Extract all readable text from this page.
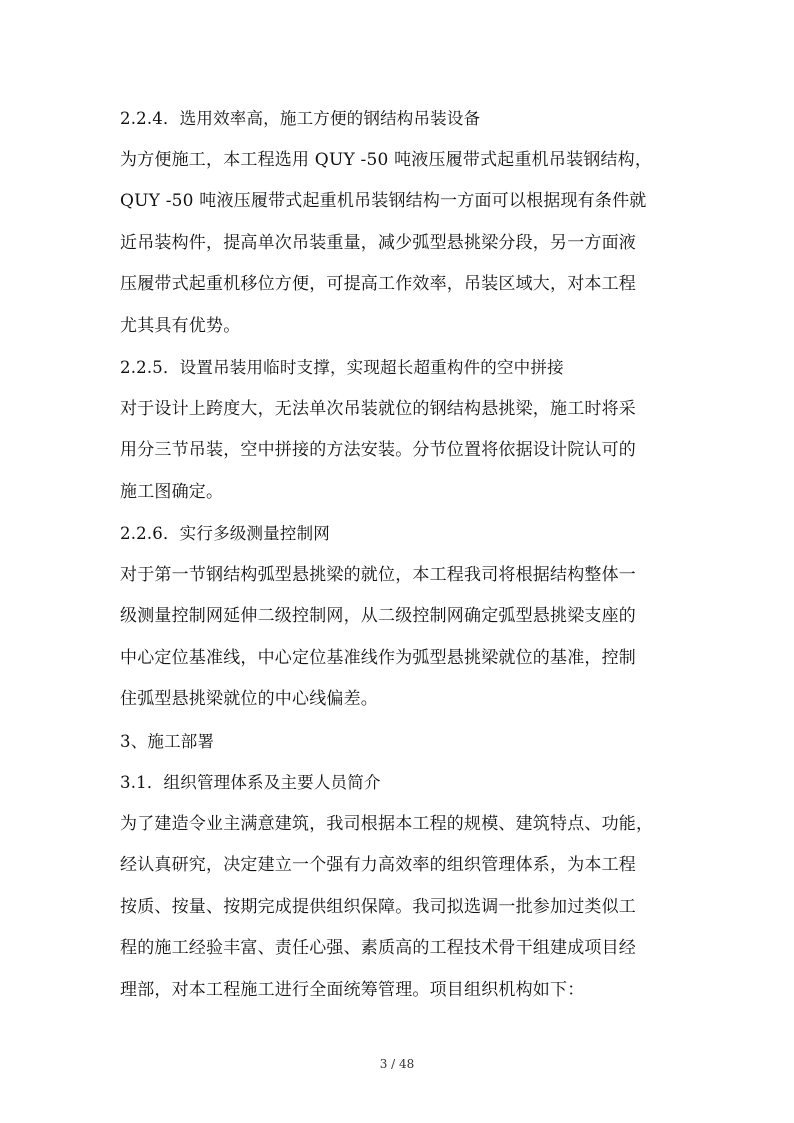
2.2.4．选用效率高，施工方便的钢结构吊装设备
为方便施工，本工程选用 QUY -50 吨液压履带式起重机吊装钢结构，
QUY -50 吨液压履带式起重机吊装钢结构一方面可以根据现有条件就
近吊装构件，提高单次吊装重量，减少弧型悬挑梁分段，另一方面液
压履带式起重机移位方便，可提高工作效率，吊装区域大，对本工程
尤其具有优势。
2.2.5．设置吊装用临时支撑，实现超长超重构件的空中拼接
对于设计上跨度大，无法单次吊装就位的钢结构悬挑梁，施工时将采
用分三节吊装，空中拼接的方法安装。分节位置将依据设计院认可的
施工图确定。
2.2.6．实行多级测量控制网
对于第一节钢结构弧型悬挑梁的就位，本工程我司将根据结构整体一
级测量控制网延伸二级控制网，从二级控制网确定弧型悬挑梁支座的
中心定位基准线，中心定位基准线作为弧型悬挑梁就位的基准，控制
住弧型悬挑梁就位的中心线偏差。
3、施工部署
3.1．组织管理体系及主要人员简介
为了建造令业主满意建筑，我司根据本工程的规模、建筑特点、功能，
经认真研究，决定建立一个强有力高效率的组织管理体系，为本工程
按质、按量、按期完成提供组织保障。我司拟选调一批参加过类似工
程的施工经验丰富、责任心强、素质高的工程技术骨干组建成项目经
理部，对本工程施工进行全面统筹管理。项目组织机构如下：
3 / 48
